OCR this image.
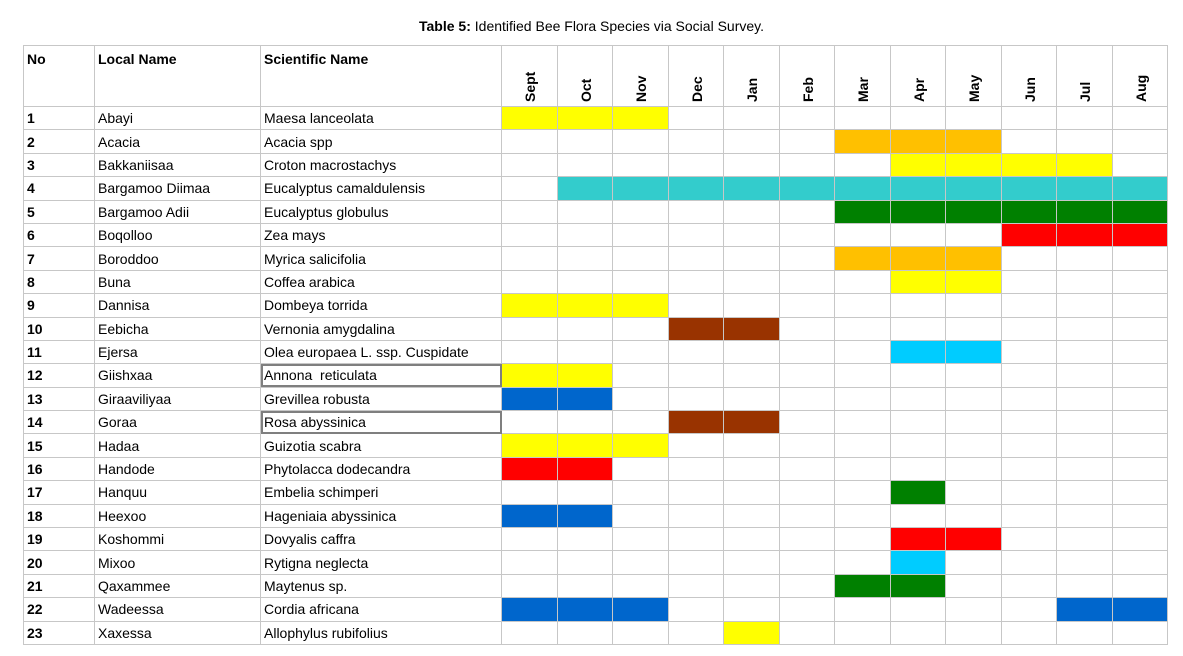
Table 5: Identified Bee Flora Species via Social Survey.
No	Local Name	Scientific Name	Sept	Oct	Nov	Dec	Jan	Feb	Mar	Apr	May	Jun	Jul	Aug

1	Abayi	Maesa lanceolata												
2	Acacia	Acacia spp												
3	Bakkaniisaa	Croton macrostachys												
4	Bargamoo Diimaa	Eucalyptus camaldulensis												
5	Bargamoo Adii	Eucalyptus globulus												
6	Boqolloo	Zea mays												
7	Boroddoo	Myrica salicifolia												
8	Buna	Coffea arabica												
9	Dannisa	Dombeya torrida												
10	Eebicha	Vernonia amygdalina												
11	Ejersa	Olea europaea L. ssp. Cuspidate												
12	Giishxaa	Annona  reticulata												
13	Giraaviliyaa	Grevillea robusta												
14	Goraa	Rosa abyssinica												
15	Hadaa	Guizotia scabra												
16	Handode	Phytolacca dodecandra												
17	Hanquu	Embelia schimperi												
18	Heexoo	Hageniaia abyssinica												
19	Koshommi	Dovyalis caffra												
20	Mixoo	Rytigna neglecta												
21	Qaxammee	Maytenus sp.												
22	Wadeessa	Cordia africana												
23	Xaxessa	Allophylus rubifolius												
